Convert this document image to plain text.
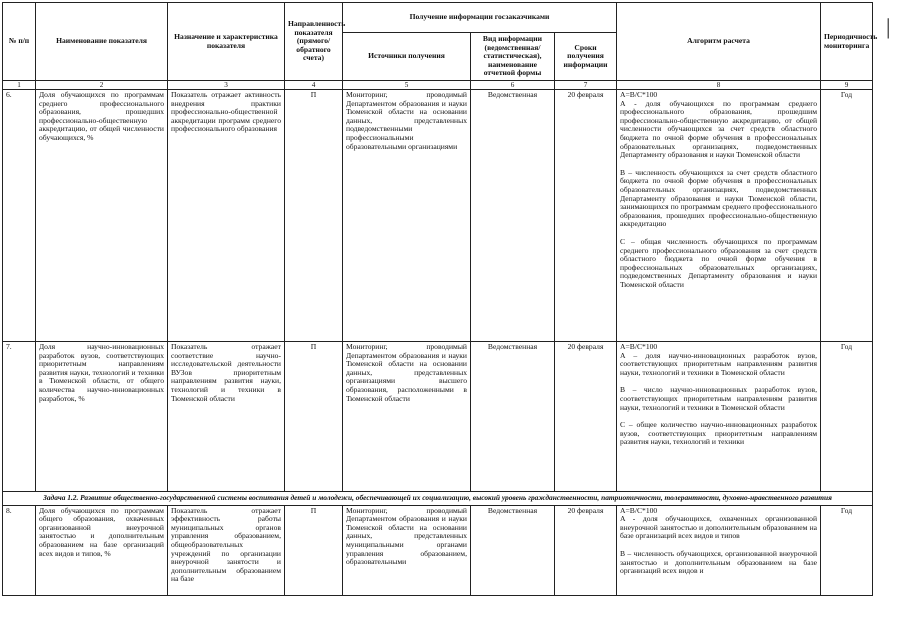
№ п/п	Наименование показателя	Назначение и характеристика показателя	Направленность показателя (прямого/обратного счета)	Получение информации госзаказчиками			Алгоритм расчета	Периодичность мониторинга
				Источники получения	Вид информации (ведомственная/ статистическая), наименование отчетной формы	Сроки получения информации		
1	2	3	4	5	6	7	8	9
6.	Доля обучающихся по программам среднего профессионального образования, прошедших профессионально-общественную аккредитацию, от общей численности обучающихся, %	Показатель отражает активность внедрения практики профессионально-общественной аккредитации программ среднего профессионального образования	П	Мониторинг, проводимый Департаментом образования и науки Тюменской области на основании данных, представленных подведомственными профессиональными образовательными организациями	Ведомственная	20 февраля	A=B/C*100

A - доля обучающихся по программам среднего профессионального образования, прошедшим профессионально-общественную аккредитацию, от общей численности обучающихся за счет средств областного бюджета по очной форме обучения в профессиональных образовательных организациях, подведомственных Департаменту образования и науки Тюменской области

B – численность обучающихся за счет средств областного бюджета по очной форме обучения в профессиональных образовательных организациях, подведомственных Департаменту образования и науки Тюменской области, занимающихся по программам среднего профессионального образования, прошедших профессионально-общественную аккредитацию

C – общая численность обучающихся по программам среднего профессионального образования за счет средств областного бюджета по очной форме обучения в профессиональных образовательных организациях, подведомственных Департаменту образования и науки Тюменской области	Год
7.	Доля научно-инновационных разработок вузов, соответствующих приоритетным направлениям развития науки, технологий и техники в Тюменской области, от общего количества научно-инновационных разработок, %	Показатель отражает соответствие научно-исследовательской деятельности ВУЗов приоритетным направлениям развития науки, технологий и техники в Тюменской области	П	Мониторинг, проводимый Департаментом образования и науки Тюменской области на основании данных, представленных организациями высшего образования, расположенными в Тюменской области	Ведомственная	20 февраля	A=B/C*100

A – доля научно-инновационных разработок вузов, соответствующих приоритетным направлениям развития науки, технологий и техники в Тюменской области

B – число научно-инновационных разработок вузов, соответствующих приоритетным направлениям развития науки, технологий и техники в Тюменской области

C – общее количество научно-инновационных разработок вузов, соответствующих приоритетным направлениям развития науки, технологий и техники	Год
Задача 1.2. Развитие общественно-государственной системы воспитания детей и молодежи, обеспечивающей их социализацию, высокий уровень гражданственности, патриотичности, толерантности, духовно-нравственного развития								
8.	Доля обучающихся по программам общего образования, охваченных организованной внеурочной занятостью и дополнительным образованием на базе организаций всех видов и типов, %	Показатель отражает эффективность работы муниципальных органов управления образованием, общеобразовательных учреждений по организации внеурочной занятости и дополнительным образованием на базе	П	Мониторинг, проводимый Департаментом образования и науки Тюменской области на основании данных, представленных муниципальными органами управления образованием, образовательными	Ведомственная	20 февраля	A=B/C*100

A - доля обучающихся, охваченных организованной внеурочной занятостью и дополнительным образованием на базе организаций всех видов и типов

B – численность обучающихся, организованной внеурочной занятостью и дополнительным образованием на базе организаций всех видов и	Год
|
